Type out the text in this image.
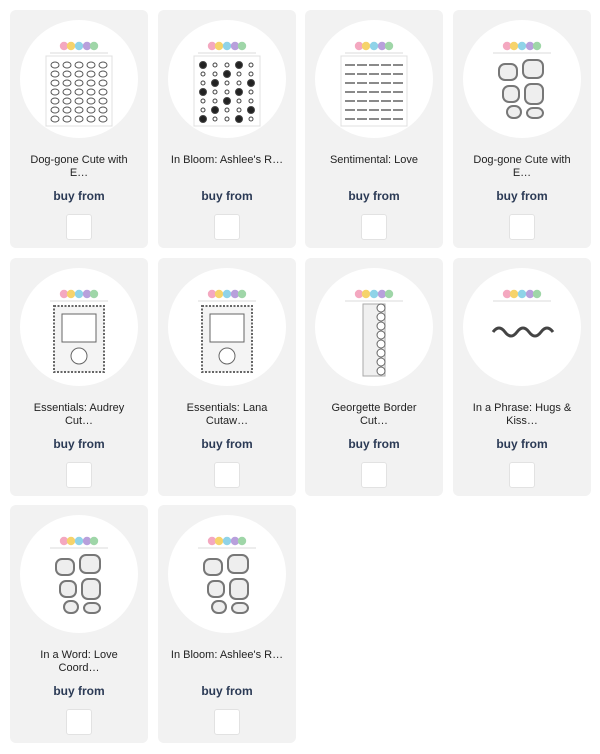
Dog-gone Cute with
E…
buy from
In Bloom: Ashlee's R…
buy from
Sentimental: Love
buy from
Dog-gone Cute with
E…
buy from
Essentials: Audrey
Cut…
buy from
Essentials: Lana
Cutaw…
buy from
Georgette Border
Cut…
buy from
In a Phrase: Hugs &
Kiss…
buy from
In a Word: Love
Coord…
buy from
In Bloom: Ashlee's R…
buy from
